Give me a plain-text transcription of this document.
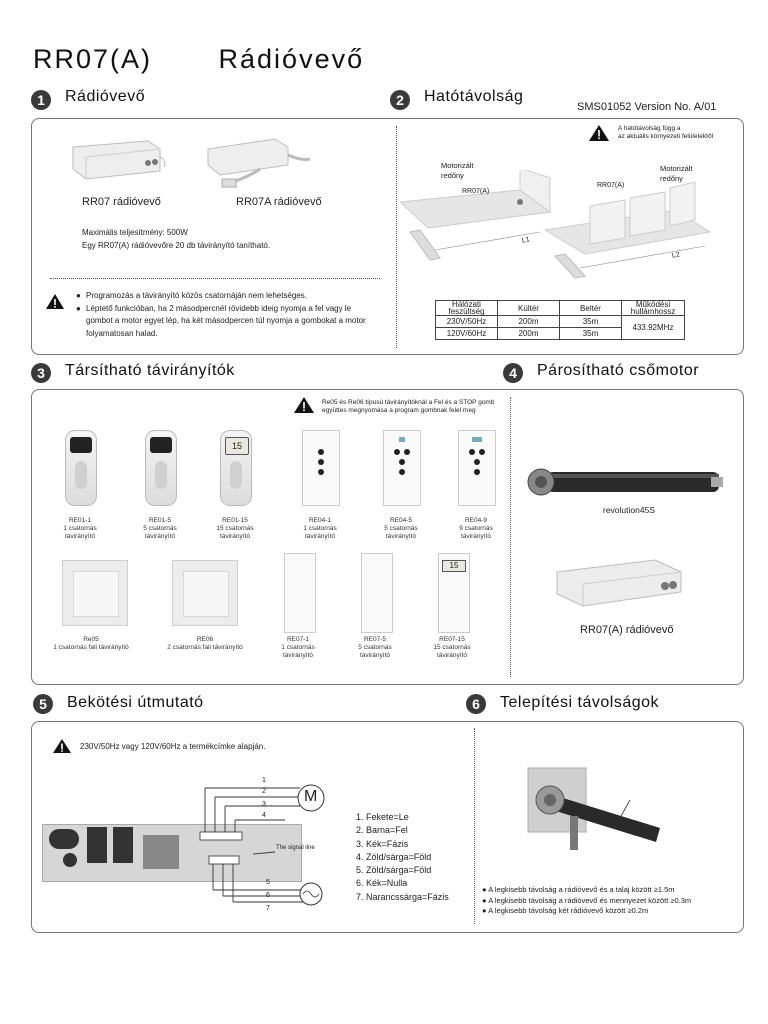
RR07(A)       Rádióvevő
1	Rádióvevő	2	Hatótávolság
SMS01052 Version No. A/01
RR07 rádióvevő	RR07A rádióvevő
Maximális teljesítmény: 500W
Egy RR07(A) rádióvevőre 20 db távirányító tanítható.
● Programozás a távirányító közös csatornáján nem lehetséges.
● Léptető funkcióban, ha 2 másodpercnél rövidebb ideig nyomja a fel vagy le
gombot a motor egyet lép, ha két másodpercen túl nyomja a gombokat a motor
folyamatosan halad.
A hatótávolság függ a
az aktuális környezeti felületektől
Motorizált
redőny
RR07(A)
L1
Motorizált
redőny
RR07(A)
L2
Hálózati feszültség	Kültér	Beltér	Működési hullámhossz
230V/50Hz	200m	35m	433.92MHz
120V/60Hz	200m	35m	
3	Társítható távirányítók	4	Párosítható csőmotor
Re05 és Re06 típusú távirányítóknál a Fel és a STOP gomb
együttes megnyomása a program gombnak felel meg
15
RE01-1
1 csatornás
távirányító
RE01-5
5 csatornás
távirányító
RE01-15
15 csatornás
távirányító
RE04-1
1 csatornás
távirányító
RE04-5
5 csatornás
távirányító
RE04-9
9 csatornás
távirányító
15
Re05
1 csatornás fali távirányító
RE06
2 csatornás fali távirányító
RE07-1
1 csatornás
távirányító
RE07-5
5 csatornás
távirányító
RE07-15
15 csatornás
távirányító
revolution45S
RR07(A) rádióvevő
5	Bekötési útmutató	6	Telepítési távolságok
230V/50Hz vagy 120V/60Hz a termékcímke alapján.
M
The signal line
1
2
3
4
5
6
7
1. Fekete=Le
2. Barna=Fel
3. Kék=Fázis
4. Zöld/sárga=Föld
5. Zöld/sárga=Föld
6. Kék=Nulla
7. Narancssárga=Fázis
● A legkisebb távolság a rádióvevő és a talaj között ≥1.5m
● A legkisebb távolság a rádióvevő és mennyezet között ≥0.3m
● A legkisebb távolság két rádióvevő között ≥0.2m
